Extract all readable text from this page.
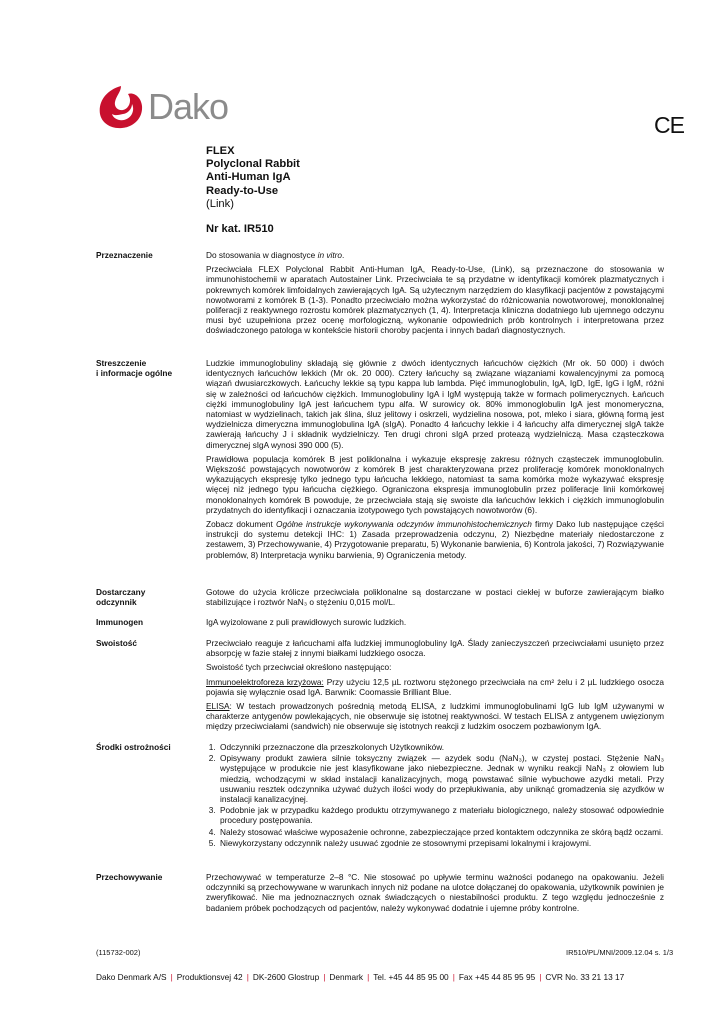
Dako	CE
FLEX
Polyclonal Rabbit
Anti-Human IgA
Ready-to-Use
(Link)
Nr kat. IR510
Przeznaczenie	Do stosowania w diagnostyce in vitro.

Przeciwciała FLEX Polyclonal Rabbit Anti-Human IgA, Ready-to-Use, (Link), są przeznaczone do stosowania w immunohistochemii w aparatach Autostainer Link. Przeciwciała te są przydatne w identyfikacji komórek plazmatycznych i pokrewnych komórek limfoidalnych zawierających IgA. Są użytecznym narzędziem do klasyfikacji pacjentów z powstającymi nowotworami z komórek B (1-3). Ponadto przeciwciało można wykorzystać do różnicowania nowotworowej, monoklonalnej poliferacji z reaktywnego rozrostu komórek plazmatycznych (1, 4). Interpretacja kliniczna dodatniego lub ujemnego odczynu musi być uzupełniona przez ocenę morfologiczną, wykonanie odpowiednich prób kontrolnych i interpretowana przez doświadczonego patologa w kontekście historii choroby pacjenta i innych badań diagnostycznych.

Streszczenie
i informacje ogólne

Ludzkie immunoglobuliny składają się głównie z dwóch identycznych łańcuchów ciężkich (Mr ok. 50 000) i dwóch identycznych łańcuchów lekkich (Mr ok. 20 000). Cztery łańcuchy są związane wiązaniami kowalencyjnymi za pomocą wiązań dwusiarczkowych. Łańcuchy lekkie są typu kappa lub lambda. Pięć immunoglobulin, IgA, IgD, IgE, IgG i IgM, różni się w zależności od łańcuchów ciężkich. Immunoglobuliny IgA i IgM występują także w formach polimerycznych. Łańcuch ciężki immunoglobuliny IgA jest łańcuchem typu alfa. W surowicy ok. 80% immonoglobulin IgA jest monomeryczna, natomiast w wydzielinach, takich jak ślina, śluz jelitowy i oskrzeli, wydzielina nosowa, pot, mleko i siara, główną formą jest wydzielnicza dimeryczna immunoglobulina IgA (sIgA). Ponadto 4 łańcuchy lekkie i 4 łańcuchy alfa dimerycznej sIgA także zawierają łańcuchy J i składnik wydzielniczy. Ten drugi chroni sIgA przed proteazą wydzielniczą. Masa cząsteczkowa dimerycznej sIgA wynosi 390 000 (5).

Prawidłowa populacja komórek B jest poliklonalna i wykazuje ekspresję zakresu różnych cząsteczek immunoglobulin. Większość powstających nowotworów z komórek B jest charakteryzowana przez proliferację komórek monoklonalnych wykazujących ekspresję tylko jednego typu łańcucha lekkiego, natomiast ta sama komórka może wykazywać ekspresję więcej niż jednego typu łańcucha ciężkiego. Ograniczona ekspresja immunoglobulin przez poliferacje linii komórkowej monoklonalnych komórek B powoduje, że przeciwciała stają się swoiste dla łańcuchów lekkich i ciężkich immunoglobulin przydatnych do identyfikacji i oznaczania izotypowego tych powstających nowotworów (6).

Zobacz dokument Ogólne instrukcje wykonywania odczynów immunohistochemicznych firmy Dako lub następujące części instrukcji do systemu detekcji IHC: 1) Zasada przeprowadzenia odczynu, 2) Niezbędne materiały niedostarczone z zestawem, 3) Przechowywanie, 4) Przygotowanie preparatu, 5) Wykonanie barwienia, 6) Kontrola jakości, 7) Rozwiązywanie problemów, 8) Interpretacja wyniku barwienia, 9) Ograniczenia metody.

Dostarczany
odczynnik

Gotowe do użycia królicze przeciwciała poliklonalne są dostarczane w postaci ciekłej w buforze zawierającym białko stabilizujące i roztwór NaN₃ o stężeniu 0,015 mol/L.

Immunogen	IgA wyizolowane z puli prawidłowych surowic ludzkich.

Swoistość	Przeciwciało reaguje z łańcuchami alfa ludzkiej immunoglobuliny IgA. Ślady zanieczyszczeń przeciwciałami usunięto przez absorpcję w fazie stałej z innymi białkami ludzkiego osocza.

Swoistość tych przeciwciał określono następująco:

Immunoelektroforeza krzyżowa: Przy użyciu 12,5 µL roztworu stężonego przeciwciała na cm² żelu i 2 µL ludzkiego osocza pojawia się wyłącznie osad IgA. Barwnik: Coomassie Brilliant Blue.

ELISA: W testach prowadzonych pośrednią metodą ELISA, z ludzkimi immunoglobulinami IgG lub IgM używanymi w charakterze antygenów powlekających, nie obserwuje się istotnej reaktywności. W testach ELISA z antygenem uwięzionym między przeciwciałami (sandwich) nie obserwuje się istotnych reakcji z ludzkim osoczem pozbawionym IgA.

Środki ostrożności	1. Odczynniki przeznaczone dla przeszkolonych Użytkowników.
2. Opisywany produkt zawiera silnie toksyczny związek — azydek sodu (NaN₃), w czystej postaci. Stężenie NaN₃ występujące w produkcie nie jest klasyfikowane jako niebezpieczne. Jednak w wyniku reakcji NaN₃ z ołowiem lub miedzią, wchodzącymi w skład instalacji kanalizacyjnych, mogą powstawać silnie wybuchowe azydki metali. Przy usuwaniu resztek odczynnika używać dużych ilości wody do przepłukiwania, aby uniknąć gromadzenia się azydków w instalacji kanalizacyjnej.
3. Podobnie jak w przypadku każdego produktu otrzymywanego z materiału biologicznego, należy stosować odpowiednie procedury postępowania.
4. Należy stosować właściwe wyposażenie ochronne, zabezpieczające przed kontaktem odczynnika ze skórą bądź oczami.
5. Niewykorzystany odczynnik należy usuwać zgodnie ze stosownymi przepisami lokalnymi i krajowymi.
Przechowywanie	Przechowywać w temperaturze 2–8 °C. Nie stosować po upływie terminu ważności podanego na opakowaniu. Jeżeli odczynniki są przechowywane w warunkach innych niż podane na ulotce dołączanej do opakowania, użytkownik powinien je zweryfikować. Nie ma jednoznacznych oznak świadczących o niestabilności produktu. Z tego względu jednocześnie z badaniem próbek pochodzących od pacjentów, należy wykonywać dodatnie i ujemne próby kontrolne.

(115732-002)	IR510/PL/MNI/2009.12.04 s. 1/3
Dako Denmark A/S | Produktionsvej 42 | DK-2600 Glostrup | Denmark | Tel. +45 44 85 95 00 | Fax +45 44 85 95 95 | CVR No. 33 21 13 17
